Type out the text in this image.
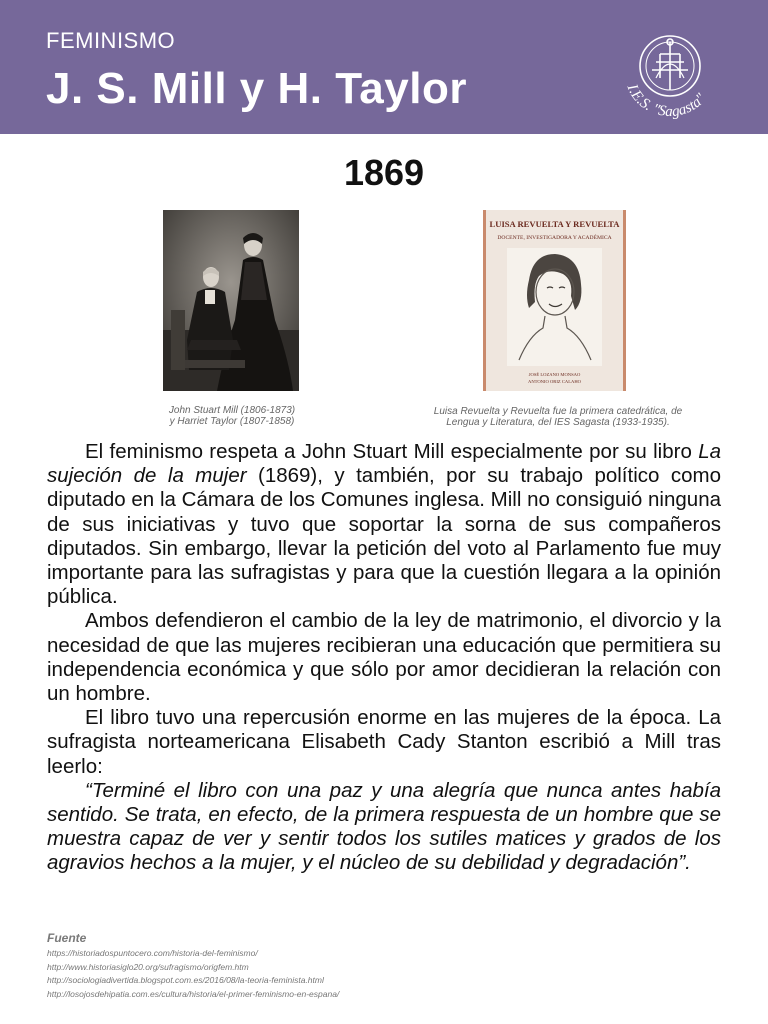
FEMINISMO
J. S. Mill y H. Taylor	I.E.S. "Sagasta"
1869
LUISA REVUELTA Y REVUELTA
DOCENTE, INVESTIGADORA Y ACADÉMICA
JOSÉ LOZANO MONSAO
ANTONIO ORIZ CALAHO
John Stuart Mill (1806-1873)
y Harriet Taylor (1807-1858)
Luisa Revuelta y Revuelta fue la primera catedrática, de
Lengua y Literatura, del IES Sagasta (1933-1935).

El feminismo respeta a John Stuart Mill especialmente por su libro La sujeción de la mujer (1869), y también, por su trabajo político como diputado en la Cámara de los Comunes inglesa. Mill no consiguió ninguna de sus iniciativas y tuvo que soportar la sorna de sus compañeros diputados. Sin embargo, llevar la petición del voto al Parlamento fue muy importante para las sufragistas y para que la cuestión llegara a la opinión pública.

Ambos defendieron el cambio de la ley de matrimonio, el divorcio y la necesidad de que las mujeres recibieran una educación que permitiera su independencia económica y que sólo por amor decidieran la relación con un hombre.

El libro tuvo una repercusión enorme en las mujeres de la época. La sufragista norteamericana Elisabeth Cady Stanton escribió a Mill tras leerlo:

“Terminé el libro con una paz y una alegría que nunca antes había sentido. Se trata, en efecto, de la primera respuesta de un hombre que se muestra capaz de ver y sentir todos los sutiles matices y grados de los agravios hechos a la mujer, y el núcleo de su debilidad y degradación”.

Fuente
https://historiadospuntocero.com/historia-del-feminismo/
http://www.historiasiglo20.org/sufragismo/origfem.htm
http://sociologiadivertida.blogspot.com.es/2016/08/la-teoria-feminista.html
http://losojosdehipatia.com.es/cultura/historia/el-primer-feminismo-en-espana/
